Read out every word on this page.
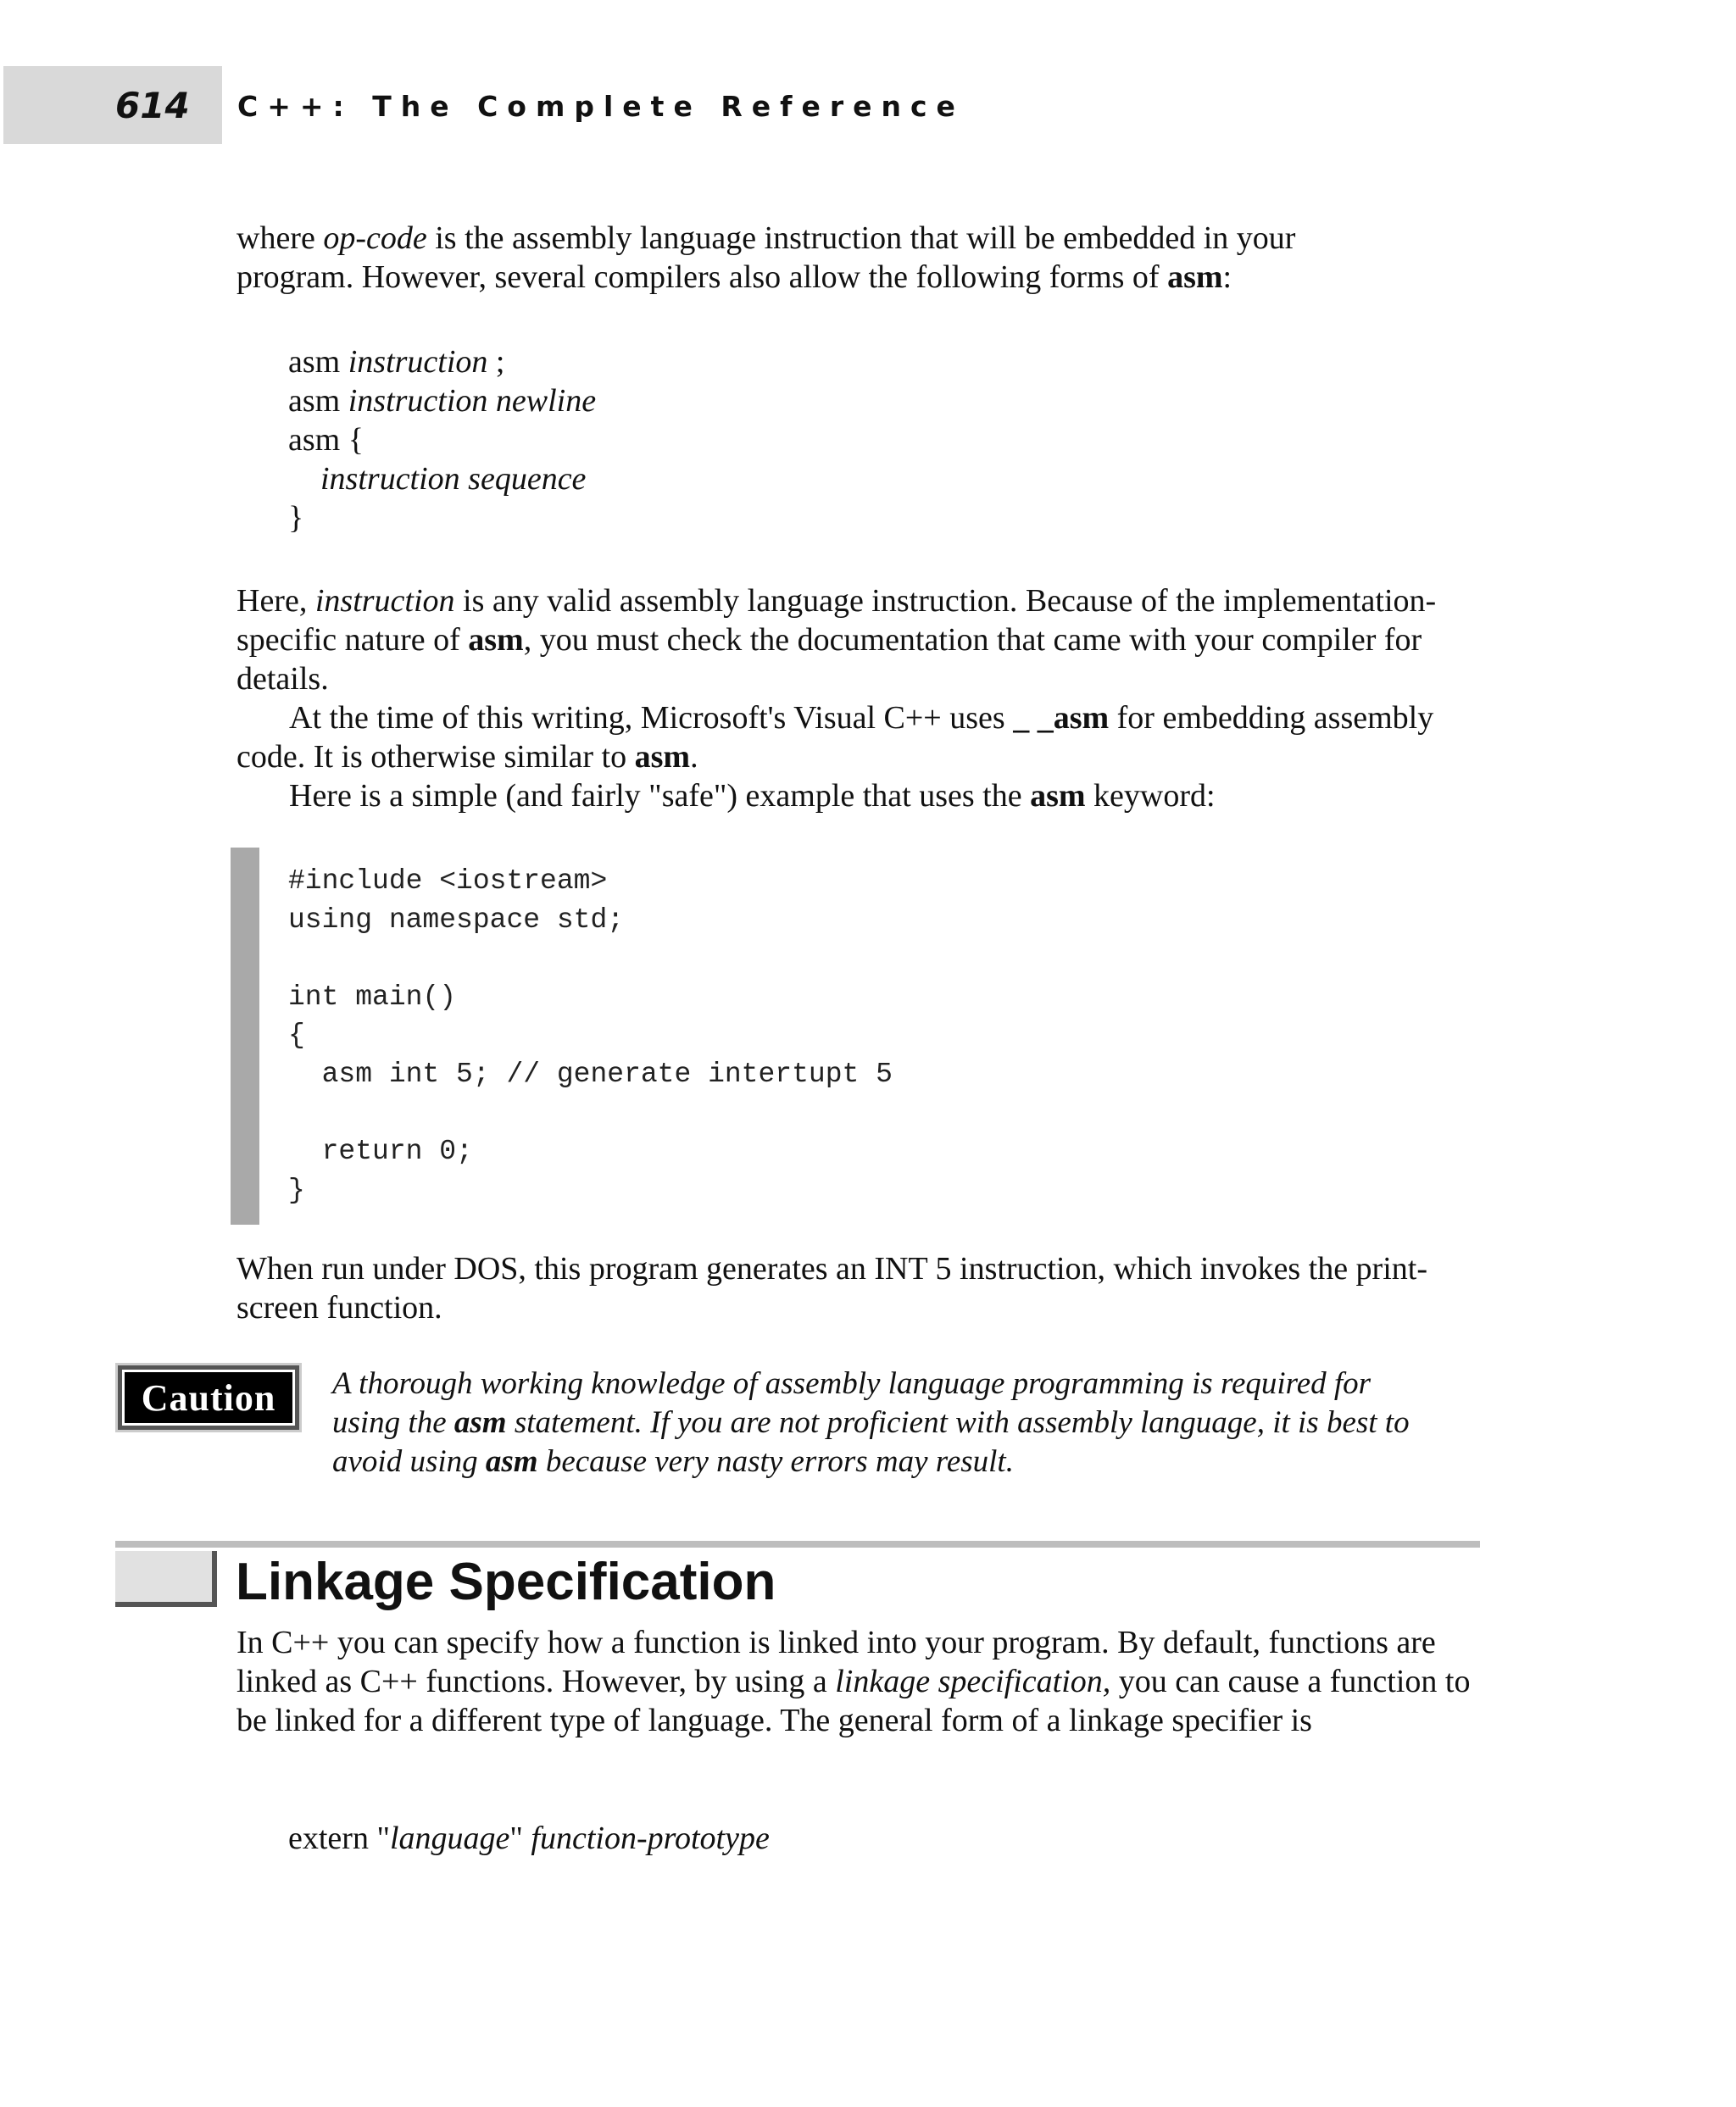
614 C++: The Complete Reference

where op-code is the assembly language instruction that will be embedded in your

program. However, several compilers also allow the following forms of asm:

asm instruction ;
asm instruction newline
asm {
instruction sequence
}

Here, instruction is any valid assembly language instruction. Because of the implementation-specific nature of asm, you must check the documentation that came with your compiler for details.

At the time of this writing, Microsoft's Visual C++ uses _ _asm for embedding assembly code. It is otherwise similar to asm.

Here is a simple (and fairly "safe") example that uses the asm keyword:

#include <iostream>
using namespace std;
int main()
{
asm int 5; // generate intertupt 5
return 0;
}

When run under DOS, this program generates an INT 5 instruction, which invokes the print-screen function.

Caution	A thorough working knowledge of assembly language programming is required for using the asm statement. If you are not proficient with assembly language, it is best to avoid using asm because very nasty errors may result.
Linkage Specification

In C++ you can specify how a function is linked into your program. By default, functions are linked as C++ functions. However, by using a linkage specification, you can cause a function to be linked for a different type of language. The general form of a linkage specifier is

extern "language" function-prototype
